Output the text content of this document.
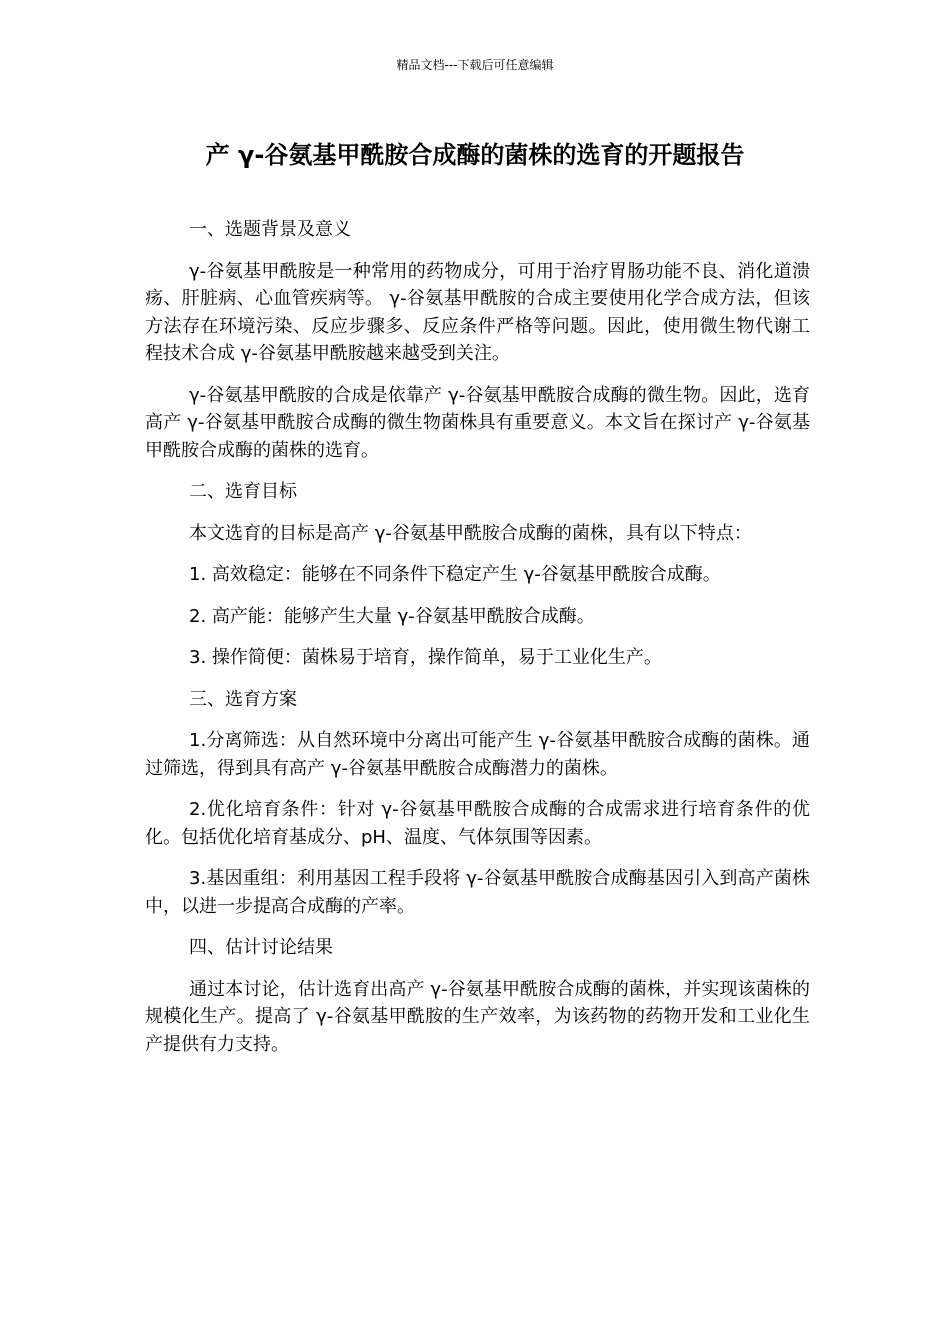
精品文档---下载后可任意编辑
产 γ-谷氨基甲酰胺合成酶的菌株的选育的开题报告

一、选题背景及意义

γ-谷氨基甲酰胺是一种常用的药物成分，可用于治疗胃肠功能不良、消化道溃疡、肝脏病、心血管疾病等。 γ-谷氨基甲酰胺的合成主要使用化学合成方法，但该方法存在环境污染、反应步骤多、反应条件严格等问题。因此，使用微生物代谢工程技术合成 γ-谷氨基甲酰胺越来越受到关注。

γ-谷氨基甲酰胺的合成是依靠产 γ-谷氨基甲酰胺合成酶的微生物。因此，选育高产 γ-谷氨基甲酰胺合成酶的微生物菌株具有重要意义。本文旨在探讨产 γ-谷氨基甲酰胺合成酶的菌株的选育。

二、选育目标

本文选育的目标是高产 γ-谷氨基甲酰胺合成酶的菌株，具有以下特点：

1. 高效稳定：能够在不同条件下稳定产生 γ-谷氨基甲酰胺合成酶。

2. 高产能：能够产生大量 γ-谷氨基甲酰胺合成酶。

3. 操作简便：菌株易于培育，操作简单，易于工业化生产。

三、选育方案

1.分离筛选：从自然环境中分离出可能产生 γ-谷氨基甲酰胺合成酶的菌株。通过筛选，得到具有高产 γ-谷氨基甲酰胺合成酶潜力的菌株。

2.优化培育条件：针对 γ-谷氨基甲酰胺合成酶的合成需求进行培育条件的优化。包括优化培育基成分、pH、温度、气体氛围等因素。

3.基因重组：利用基因工程手段将 γ-谷氨基甲酰胺合成酶基因引入到高产菌株中，以进一步提高合成酶的产率。

四、估计讨论结果

通过本讨论，估计选育出高产 γ-谷氨基甲酰胺合成酶的菌株，并实现该菌株的规模化生产。提高了 γ-谷氨基甲酰胺的生产效率，为该药物的药物开发和工业化生产提供有力支持。
